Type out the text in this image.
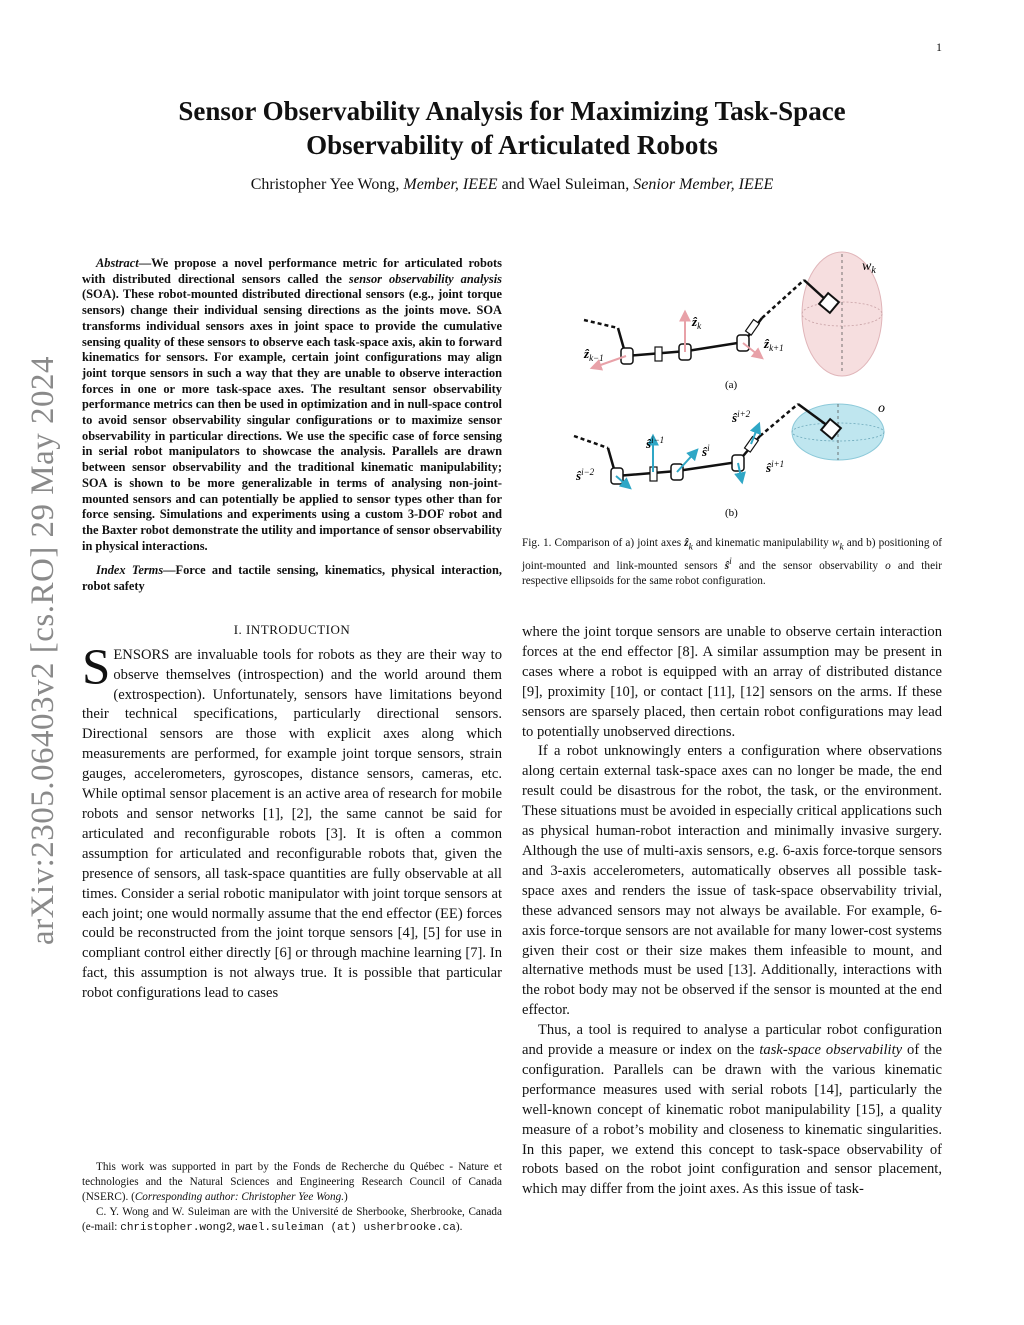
1
arXiv:2305.06403v2 [cs.RO] 29 May 2024
Sensor Observability Analysis for Maximizing Task-Space
Observability of Articulated Robots
Christopher Yee Wong, Member, IEEE and Wael Suleiman, Senior Member, IEEE

Abstract—We propose a novel performance metric for articulated robots with distributed directional sensors called the sensor observability analysis (SOA). These robot-mounted distributed directional sensors (e.g., joint torque sensors) change their individual sensing directions as the joints move. SOA transforms individual sensors axes in joint space to provide the cumulative sensing quality of these sensors to observe each task-space axis, akin to forward kinematics for sensors. For example, certain joint configurations may align joint torque sensors in such a way that they are unable to observe interaction forces in one or more task-space axes. The resultant sensor observability performance metrics can then be used in optimization and in null-space control to avoid sensor observability singular configurations or to maximize sensor observability in particular directions. We use the specific case of force sensing in serial robot manipulators to showcase the analysis. Parallels are drawn between sensor observability and the traditional kinematic manipulability; SOA is shown to be more generalizable in terms of analysing non-joint-mounted sensors and can potentially be applied to sensor types other than for force sensing. Simulations and experiments using a custom 3-DOF robot and the Baxter robot demonstrate the utility and importance of sensor observability in physical interactions.

Index Terms—Force and tactile sensing, kinematics, physical interaction, robot safety

I. INTRODUCTION

SENSORS are invaluable tools for robots as they are their way to observe themselves (introspection) and the world around them (extrospection). Unfortunately, sensors have limitations beyond their technical specifications, particularly directional sensors. Directional sensors are those with explicit axes along which measurements are performed, for example joint torque sensors, strain gauges, accelerometers, gyroscopes, distance sensors, cameras, etc. While optimal sensor placement is an active area of research for mobile robots and sensor networks [1], [2], the same cannot be said for articulated and reconfigurable robots [3]. It is often a common assumption for articulated and reconfigurable robots that, given the presence of sensors, all task-space quantities are fully observable at all times. Consider a serial robotic manipulator with joint torque sensors at each joint; one would normally assume that the end effector (EE) forces could be reconstructed from the joint torque sensors [4], [5] for use in compliant control either directly [6] or through machine learning [7]. In fact, this assumption is not always true. It is possible that particular robot configurations lead to cases

This work was supported in part by the Fonds de Recherche du Québec - Nature et technologies and the Natural Sciences and Engineering Research Council of Canada (NSERC). (Corresponding author: Christopher Yee Wong.)

C. Y. Wong and W. Suleiman are with the Université de Sherbooke, Sherbrooke, Canada (e-mail: christopher.wong2, wael.suleiman (at) usherbrooke.ca).

ẑ$_{k-1}$
ẑ$_k$
ẑ$_{k+1}$
$w_k$
(a)
$ŝ^{i-2}$
$ŝ^{i-1}$
$ŝ^i$
$ŝ^{i+1}$
$ŝ^{i+2}$	o
(b)

Fig. 1. Comparison of a) joint axes ẑ$_k$ and kinematic manipulability $w_k$ and b) positioning of joint-mounted and link-mounted sensors $ŝ^i$ and the sensor observability o and their respective ellipsoids for the same robot configuration.

where the joint torque sensors are unable to observe certain interaction forces at the end effector [8]. A similar assumption may be present in cases where a robot is equipped with an array of distributed distance [9], proximity [10], or contact [11], [12] sensors on the arms. If these sensors are sparsely placed, then certain robot configurations may lead to potentially unobserved directions.

If a robot unknowingly enters a configuration where observations along certain external task-space axes can no longer be made, the end result could be disastrous for the robot, the task, or the environment. These situations must be avoided in especially critical applications such as physical human-robot interaction and minimally invasive surgery. Although the use of multi-axis sensors, e.g. 6-axis force-torque sensors and 3-axis accelerometers, automatically observes all possible task-space axes and renders the issue of task-space observability trivial, these advanced sensors may not always be available. For example, 6-axis force-torque sensors are not available for many lower-cost systems given their cost or their size makes them infeasible to mount, and alternative methods must be used [13]. Additionally, interactions with the robot body may not be observed if the sensor is mounted at the end effector.

Thus, a tool is required to analyse a particular robot configuration and provide a measure or index on the task-space observability of the configuration. Parallels can be drawn with the various kinematic performance measures used with serial robots [14], particularly the well-known concept of kinematic robot manipulability [15], a quality measure of a robot’s mobility and closeness to kinematic singularities. In this paper, we extend this concept to task-space observability of robots based on the robot joint configuration and sensor placement, which may differ from the joint axes. As this issue of task-
